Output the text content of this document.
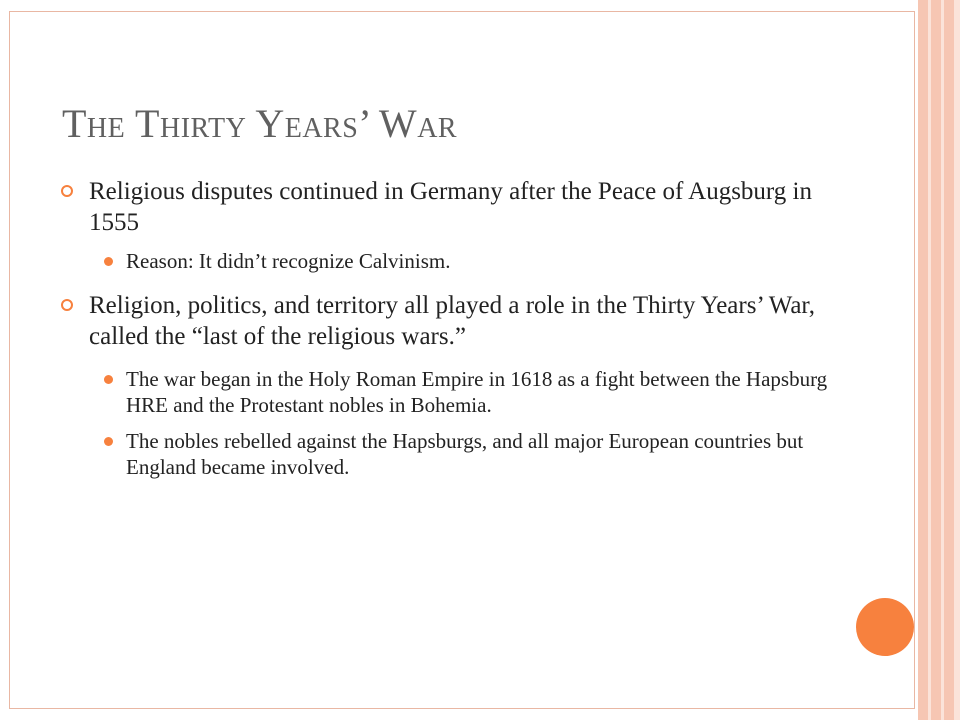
The Thirty Years’ War
Religious disputes continued in Germany after the Peace of Augsburg in 1555
Reason: It didn’t recognize Calvinism.
Religion, politics, and territory all played a role in the Thirty Years’ War, called the “last of the religious wars.”
The war began in the Holy Roman Empire in 1618 as a fight between the Hapsburg HRE and the Protestant nobles in Bohemia.
The nobles rebelled against the Hapsburgs, and all major European countries but England became involved.
